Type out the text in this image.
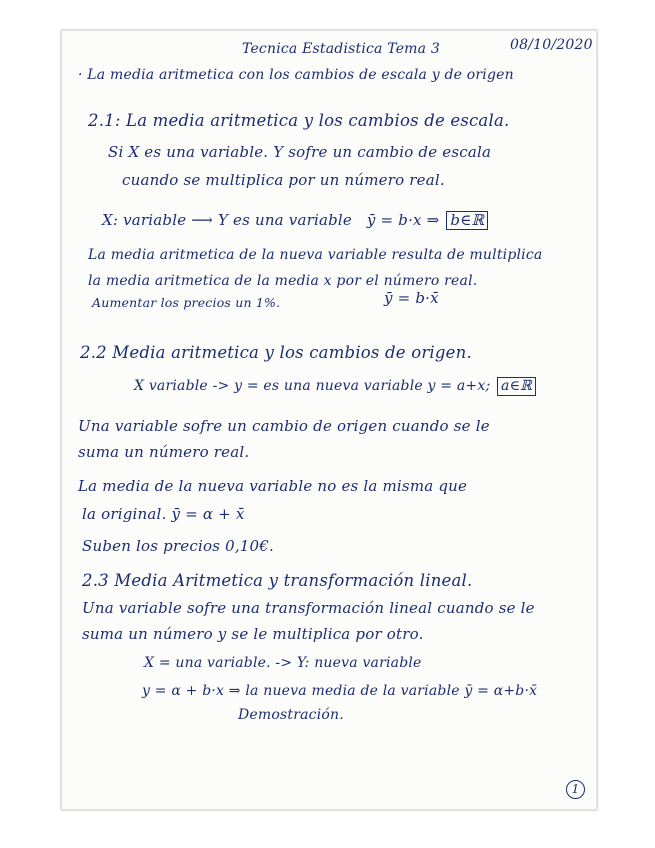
Tecnica Estadistica Tema 3	08/10/2020
· La media aritmetica con los cambios de escala y de origen
2.1: La media aritmetica y los cambios de escala.
Si X es una variable. Y sofre un cambio de escala
cuando se multiplica por un número real.
X: variable ⟶ Y es una variable ȳ = b·x ⇒ b∈ℝ
La media aritmetica de la nueva variable resulta de multiplica
la media aritmetica de la media x por el número real.
Aumentar los precios un 1%.	ȳ = b·x̄
2.2 Media aritmetica y los cambios de origen.
X variable -> y = es una nueva variable y = a+x; a∈ℝ
Una variable sofre un cambio de origen cuando se le
suma un número real.
La media de la nueva variable no es la misma que
la original. ȳ = α + x̄
Suben los precios 0,10€.
2.3 Media Aritmetica y transformación lineal.
Una variable sofre una transformación lineal cuando se le
suma un número y se le multiplica por otro.
X = una variable. -> Y: nueva variable
y = α + b·x ⇒ la nueva media de la variable ȳ = α+b·x̄
Demostración.
1
